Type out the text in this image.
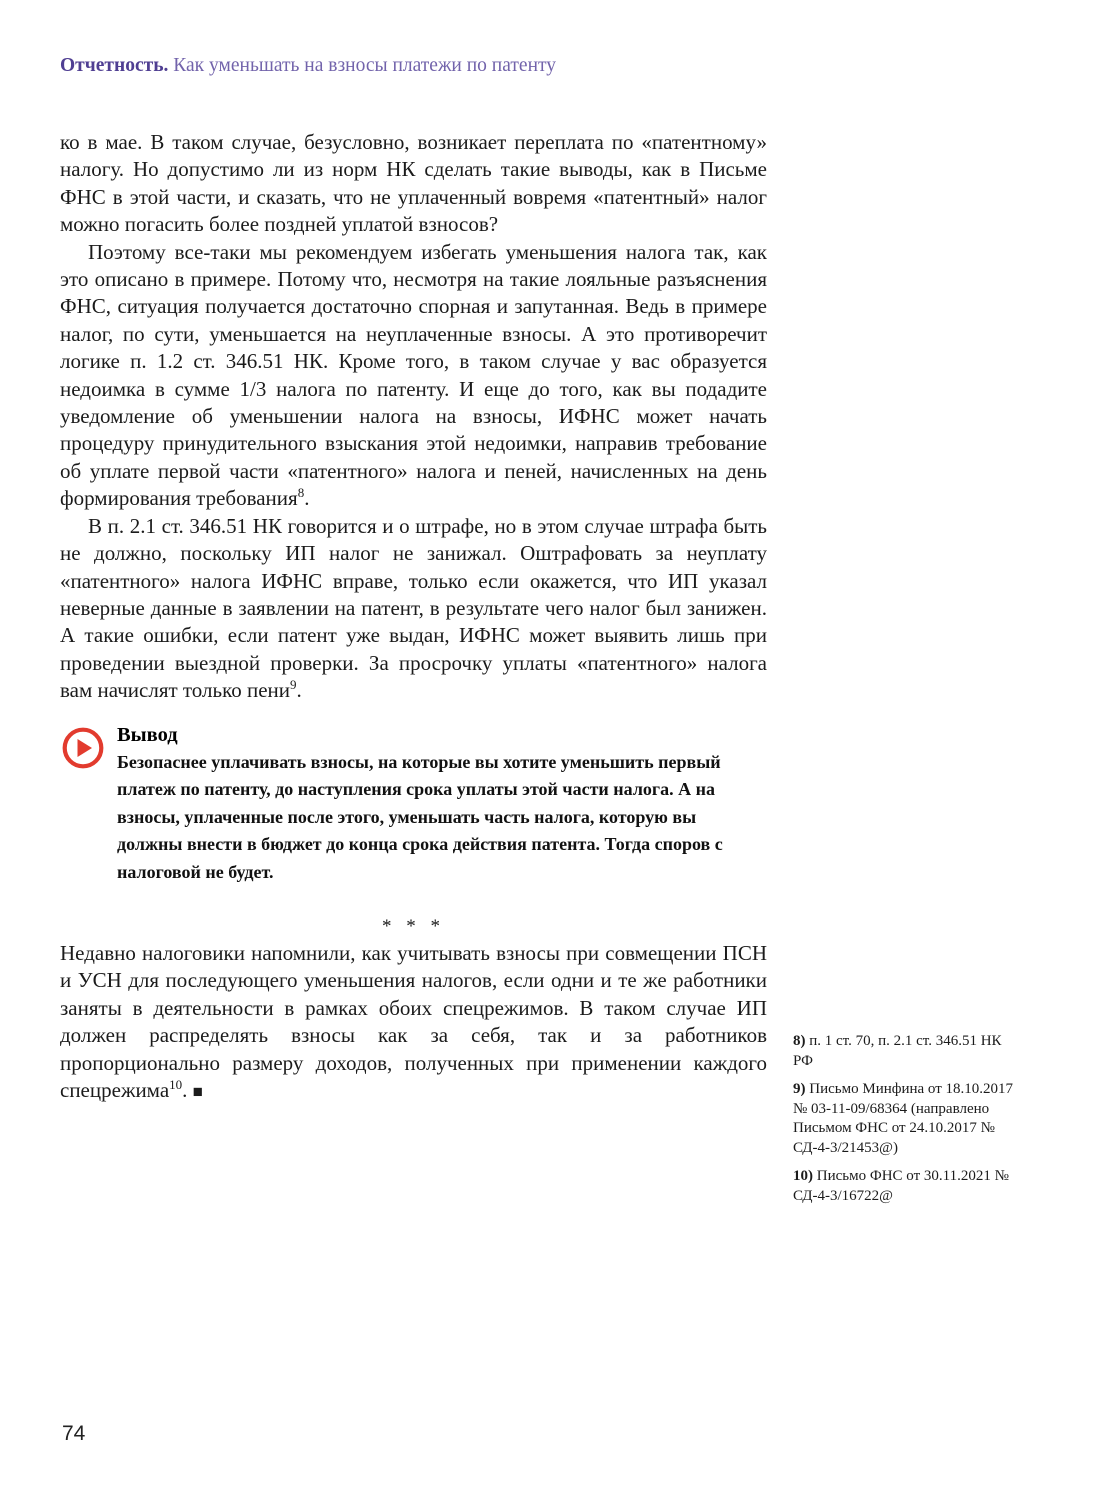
Отчетность. Как уменьшать на взносы платежи по патенту

ко в мае. В таком случае, безусловно, возникает переплата по «патентному» налогу. Но допустимо ли из норм НК сделать такие выводы, как в Письме ФНС в этой части, и сказать, что не уплаченный вовремя «патентный» налог можно погасить более поздней уплатой взносов?

Поэтому все-таки мы рекомендуем избегать уменьшения налога так, как это описано в примере. Потому что, несмотря на такие лояльные разъяснения ФНС, ситуация получается достаточно спорная и запутанная. Ведь в примере налог, по сути, уменьшается на неуплаченные взносы. А это противоречит логике п. 1.2 ст. 346.51 НК. Кроме того, в таком случае у вас образуется недоимка в сумме 1/3 налога по патенту. И еще до того, как вы подадите уведомление об уменьшении налога на взносы, ИФНС может начать процедуру принудительного взыскания этой недоимки, направив требование об уплате первой части «патентного» налога и пеней, начисленных на день формирования требования$^8$.

В п. 2.1 ст. 346.51 НК говорится и о штрафе, но в этом случае штрафа быть не должно, поскольку ИП налог не занижал. Оштрафовать за неуплату «патентного» налога ИФНС вправе, только если окажется, что ИП указал неверные данные в заявлении на патент, в результате чего налог был занижен. А такие ошибки, если патент уже выдан, ИФНС может выявить лишь при проведении выездной проверки. За просрочку уплаты «патентного» налога вам начислят только пени$^9$.

Вывод

Безопаснее уплачивать взносы, на которые вы хотите уменьшить первый платеж по патенту, до наступления срока уплаты этой части налога. А на взносы, уплаченные после этого, уменьшать часть налога, которую вы должны внести в бюджет до конца срока действия патента. Тогда споров с налоговой не будет.

* * *

Недавно налоговики напомнили, как учитывать взносы при совмещении ПСН и УСН для последующего уменьшения налогов, если одни и те же работники заняты в деятельности в рамках обоих спецрежимов. В таком случае ИП должен распределять взносы как за себя, так и за работников пропорционально размеру доходов, полученных при применении каждого спецрежима$^{10}$. ■

8) п. 1 ст. 70, п. 2.1 ст. 346.51 НК РФ
9) Письмо Минфина от 18.10.2017 № 03-11-09/68364 (направлено Письмом ФНС от 24.10.2017 № СД-4-3/21453@)
10) Письмо ФНС от 30.11.2021 № СД-4-3/16722@
74
